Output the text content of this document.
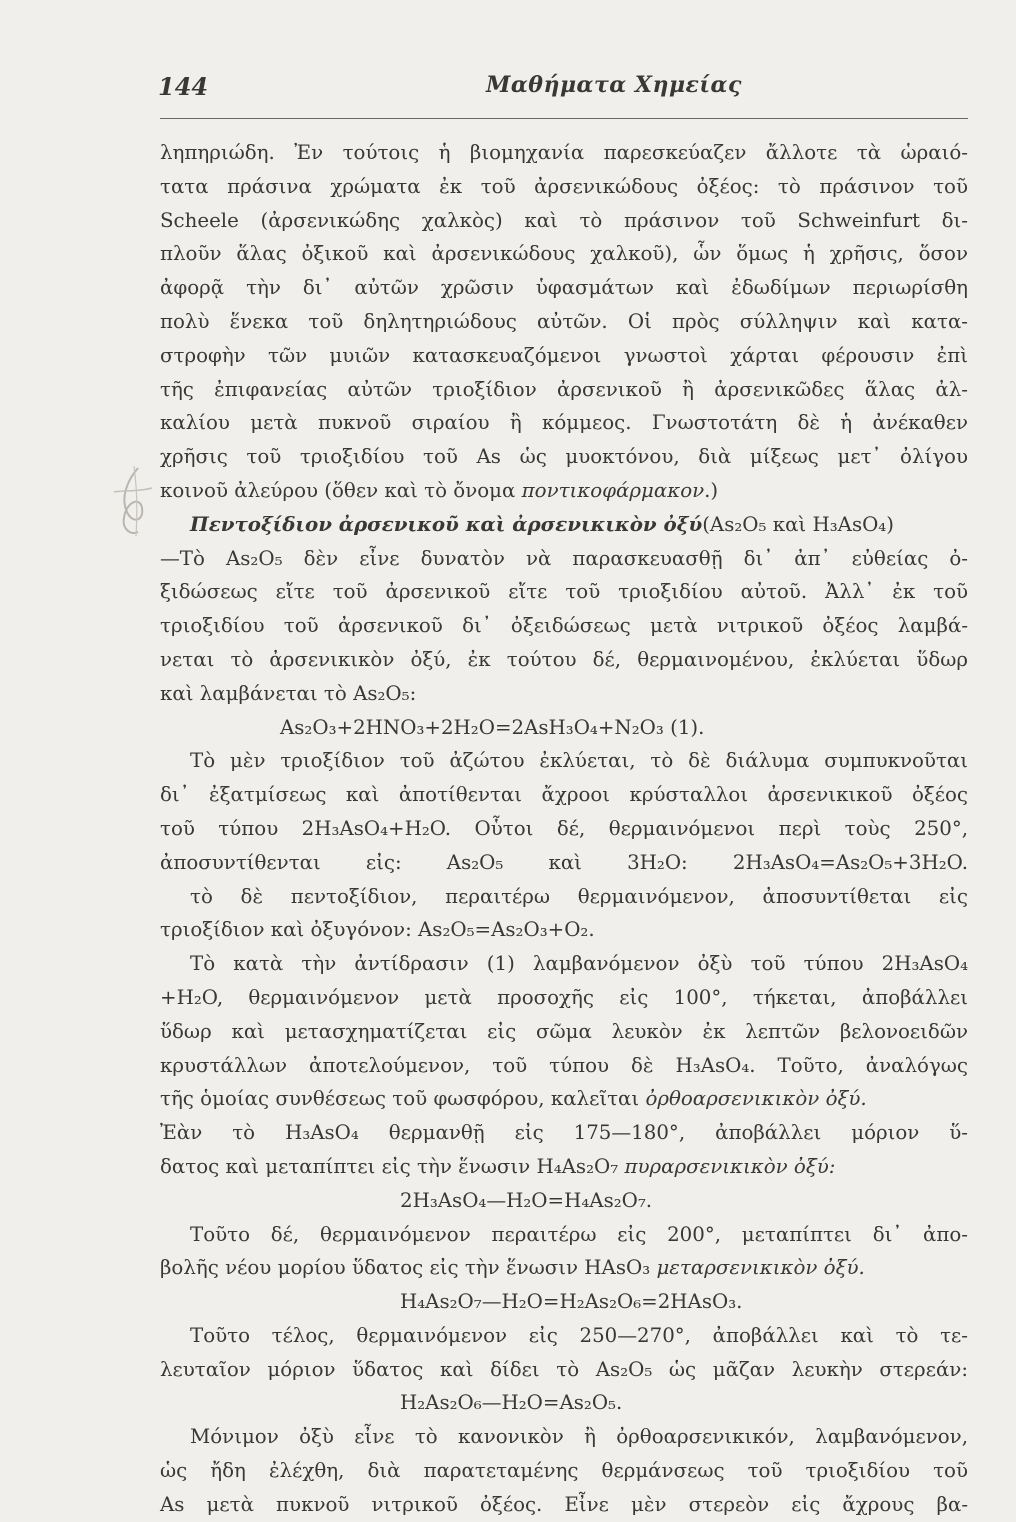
144	Μαθήματα Χημείας
ληπηριώδη. Ἐν τούτοις ἡ βιομηχανία παρεσκεύαζεν ἄλλοτε τὰ ὡραιό-
τατα πράσινα χρώματα ἐκ τοῦ ἀρσενικώδους ὀξέος: τὸ πράσινον τοῦ
Scheele (ἀρσενικώδης χαλκὸς) καὶ τὸ πράσινον τοῦ Schweinfurt δι-
πλοῦν ἅλας ὀξικοῦ καὶ ἀρσενικώδους χαλκοῦ), ὧν ὅμως ἡ χρῆσις, ὅσον
ἀφορᾷ τὴν δι᾿ αὐτῶν χρῶσιν ὑφασμάτων καὶ ἐδωδίμων περιωρίσθη
πολὺ ἕνεκα τοῦ δηλητηριώδους αὐτῶν. Οἱ πρὸς σύλληψιν καὶ κατα-
στροφὴν τῶν μυιῶν κατασκευαζόμενοι γνωστοὶ χάρται φέρουσιν ἐπὶ
τῆς ἐπιφανείας αὐτῶν τριοξίδιον ἀρσενικοῦ ἢ ἀρσενικῶδες ἅλας ἀλ-
καλίου μετὰ πυκνοῦ σιραίου ἢ κόμμεος. Γνωστοτάτη δὲ ἡ ἀνέκαθεν
χρῆσις τοῦ τριοξιδίου τοῦ As ὡς μυοκτόνου, διὰ μίξεως μετ᾿ ὀλίγου
κοινοῦ ἀλεύρου (ὅθεν καὶ τὸ ὄνομα ποντικοφάρμακον.)
Πεντοξίδιον ἀρσενικοῦ καὶ ἀρσενικικὸν ὀξύ(As₂O₅ καὶ H₃AsO₄)
—Τὸ As₂O₅ δὲν εἶνε δυνατὸν νὰ παρασκευασθῇ δι᾿ ἀπ᾿ εὐθείας ὀ-
ξιδώσεως εἴτε τοῦ ἀρσενικοῦ εἴτε τοῦ τριοξιδίου αὐτοῦ. Ἀλλ᾿ ἐκ τοῦ
τριοξιδίου τοῦ ἀρσενικοῦ δι᾿ ὀξειδώσεως μετὰ νιτρικοῦ ὀξέος λαμβά-
νεται τὸ ἀρσενικικὸν ὀξύ, ἐκ τούτου δέ, θερμαινομένου, ἐκλύεται ὕδωρ
καὶ λαμβάνεται τὸ As₂O₅:
As₂O₃+2HNO₃+2H₂O=2AsH₃O₄+N₂O₃ (1).
Τὸ μὲν τριοξίδιον τοῦ ἀζώτου ἐκλύεται, τὸ δὲ διάλυμα συμπυκνοῦται
δι᾿ ἐξατμίσεως καὶ ἀποτίθενται ἄχροοι κρύσταλλοι ἀρσενικικοῦ ὀξέος
τοῦ τύπου 2H₃AsO₄+H₂O. Οὗτοι δέ, θερμαινόμενοι περὶ τοὺς 250°,
ἀποσυντίθενται εἰς: As₂O₅ καὶ 3H₂O: 2H₃AsO₄=As₂O₅+3H₂O.
τὸ δὲ πεντοξίδιον, περαιτέρω θερμαινόμενον, ἀποσυντίθεται εἰς
τριοξίδιον καὶ ὀξυγόνον: As₂O₅=As₂O₃+O₂.
Τὸ κατὰ τὴν ἀντίδρασιν (1) λαμβανόμενον ὀξὺ τοῦ τύπου 2H₃AsO₄
+H₂O, θερμαινόμενον μετὰ προσοχῆς εἰς 100°, τήκεται, ἀποβάλλει
ὕδωρ καὶ μετασχηματίζεται εἰς σῶμα λευκὸν ἐκ λεπτῶν βελονοειδῶν
κρυστάλλων ἀποτελούμενον, τοῦ τύπου δὲ H₃AsO₄. Τοῦτο, ἀναλόγως
τῆς ὁμοίας συνθέσεως τοῦ φωσφόρου, καλεῖται ὀρθοαρσενικικὸν ὀξύ.
Ἐὰν τὸ H₃AsO₄ θερμανθῇ εἰς 175—180°, ἀποβάλλει μόριον ὕ-
δατος καὶ μεταπίπτει εἰς τὴν ἕνωσιν H₄As₂O₇ πυραρσενικικὸν ὀξύ:
2H₃AsO₄—H₂O=H₄As₂O₇.
Τοῦτο δέ, θερμαινόμενον περαιτέρω εἰς 200°, μεταπίπτει δι᾿ ἀπο-
βολῆς νέου μορίου ὕδατος εἰς τὴν ἕνωσιν HAsO₃ μεταρσενικικὸν ὀξύ.
H₄As₂O₇—H₂O=H₂As₂O₆=2HAsO₃.
Τοῦτο τέλος, θερμαινόμενον εἰς 250—270°, ἀποβάλλει καὶ τὸ τε-
λευταῖον μόριον ὕδατος καὶ δίδει τὸ As₂O₅ ὡς μᾶζαν λευκὴν στερεάν:
H₂As₂O₆—H₂O=As₂O₅.
Μόνιμον ὀξὺ εἶνε τὸ κανονικὸν ἢ ὀρθοαρσενικικόν, λαμβανόμενον,
ὡς ἤδη ἐλέχθη, διὰ παρατεταμένης θερμάνσεως τοῦ τριοξιδίου τοῦ
As μετὰ πυκνοῦ νιτρικοῦ ὀξέος. Εἶνε μὲν στερεὸν εἰς ἄχρους βα-
